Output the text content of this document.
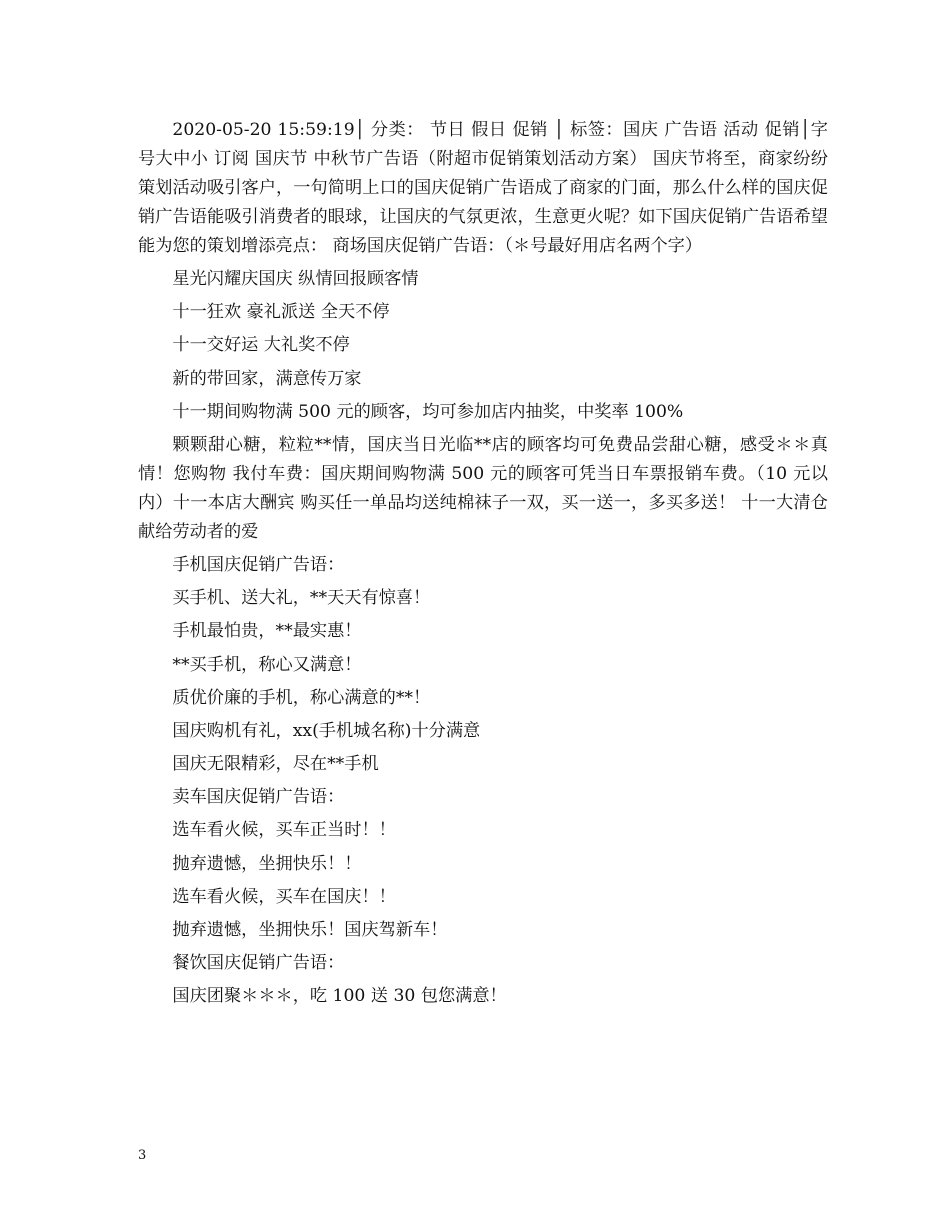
2020-05-20 15:59:19│ 分类： 节日 假日 促销 │ 标签：国庆 广告语 活动 促销│字号大中小 订阅 国庆节 中秋节广告语（附超市促销策划活动方案） 国庆节将至，商家纷纷策划活动吸引客户，一句简明上口的国庆促销广告语成了商家的门面，那么什么样的国庆促销广告语能吸引消费者的眼球，让国庆的气氛更浓，生意更火呢？如下国庆促销广告语希望能为您的策划增添亮点： 商场国庆促销广告语：（＊号最好用店名两个字）

星光闪耀庆国庆 纵情回报顾客情

十一狂欢 豪礼派送 全天不停

十一交好运 大礼奖不停

新的带回家，满意传万家

十一期间购物满 500 元的顾客，均可参加店内抽奖，中奖率 100%

颗颗甜心糖，粒粒**情，国庆当日光临**店的顾客均可免费品尝甜心糖，感受＊＊真情！您购物 我付车费：国庆期间购物满 500 元的顾客可凭当日车票报销车费。（10 元以内）十一本店大酬宾 购买任一单品均送纯棉袜子一双，买一送一，多买多送！ 十一大清仓 献给劳动者的爱

手机国庆促销广告语：

买手机、送大礼，**天天有惊喜！

手机最怕贵，**最实惠！

**买手机，称心又满意！

质优价廉的手机，称心满意的**！

国庆购机有礼，xx(手机城名称)十分满意

国庆无限精彩，尽在**手机

卖车国庆促销广告语：

选车看火候，买车正当时！！

抛弃遗憾，坐拥快乐！！

选车看火候，买车在国庆！！

抛弃遗憾，坐拥快乐！国庆驾新车！

餐饮国庆促销广告语：

国庆团聚＊＊＊，吃 100 送 30 包您满意！

3
